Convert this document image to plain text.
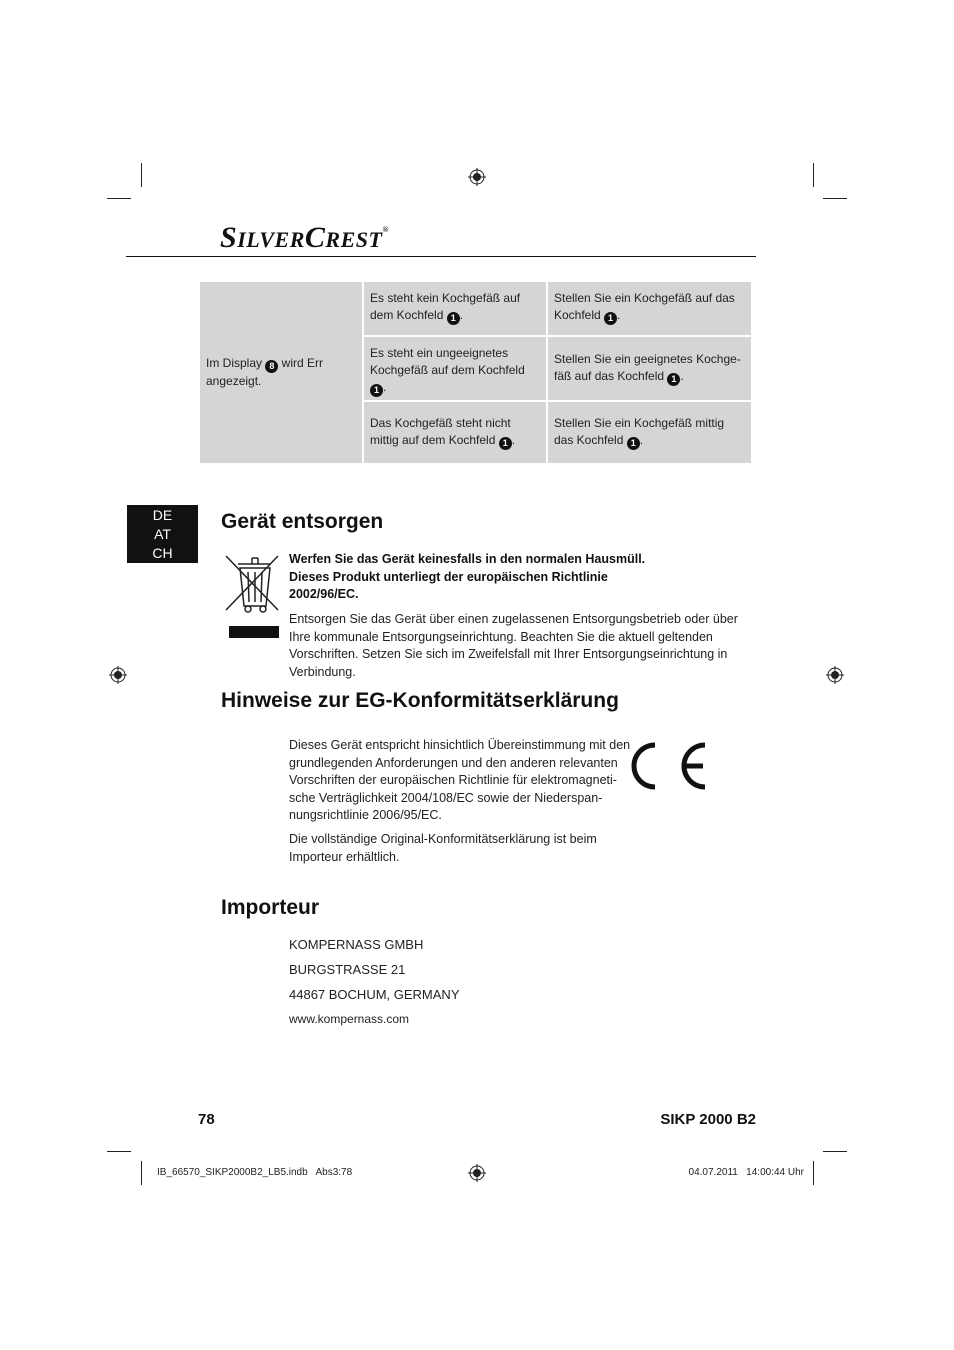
SILVERCREST®
Im Display 8 wird Err angezeigt.	Es steht kein Kochgefäß auf dem Kochfeld 1 .	Stellen Sie ein Kochgefäß auf das Kochfeld 1 .
	Es steht ein ungeeignetes Kochgefäß auf dem Kochfeld 1 .	Stellen Sie ein geeignetes Kochge-fäß auf das Kochfeld 1 .
	Das Kochgefäß steht nicht mittig auf dem Kochfeld 1 .	Stellen Sie ein Kochgefäß mittig das Kochfeld 1 .
DE
AT
CH
Gerät entsorgen
Werfen Sie das Gerät keinesfalls in den normalen Hausmüll.
Dieses Produkt unterliegt der europäischen Richtlinie
2002/96/EC.
Entsorgen Sie das Gerät über einen zugelassenen Entsorgungsbetrieb oder über
Ihre kommunale Entsorgungseinrichtung. Beachten Sie die aktuell geltenden
Vorschriften. Setzen Sie sich im Zweifelsfall mit Ihrer Entsorgungseinrichtung in
Verbindung.
Hinweise zur EG-Konformitätserklärung
Dieses Gerät entspricht hinsichtlich Übereinstimmung mit den
grundlegenden Anforderungen und den anderen relevanten
Vorschriften der europäischen Richtlinie für elektromagneti-
sche Verträglichkeit 2004/108/EC sowie der Niederspan-
nungsrichtlinie 2006/95/EC.
Die vollständige Original-Konformitätserklärung ist beim
Importeur erhältlich.
Importeur
KOMPERNASS GMBH
BURGSTRASSE 21
44867 BOCHUM, GERMANY
www.kompernass.com
78	SIKP 2000 B2
IB_66570_SIKP2000B2_LB5.indb   Abs3:78	04.07.2011   14:00:44 Uhr
